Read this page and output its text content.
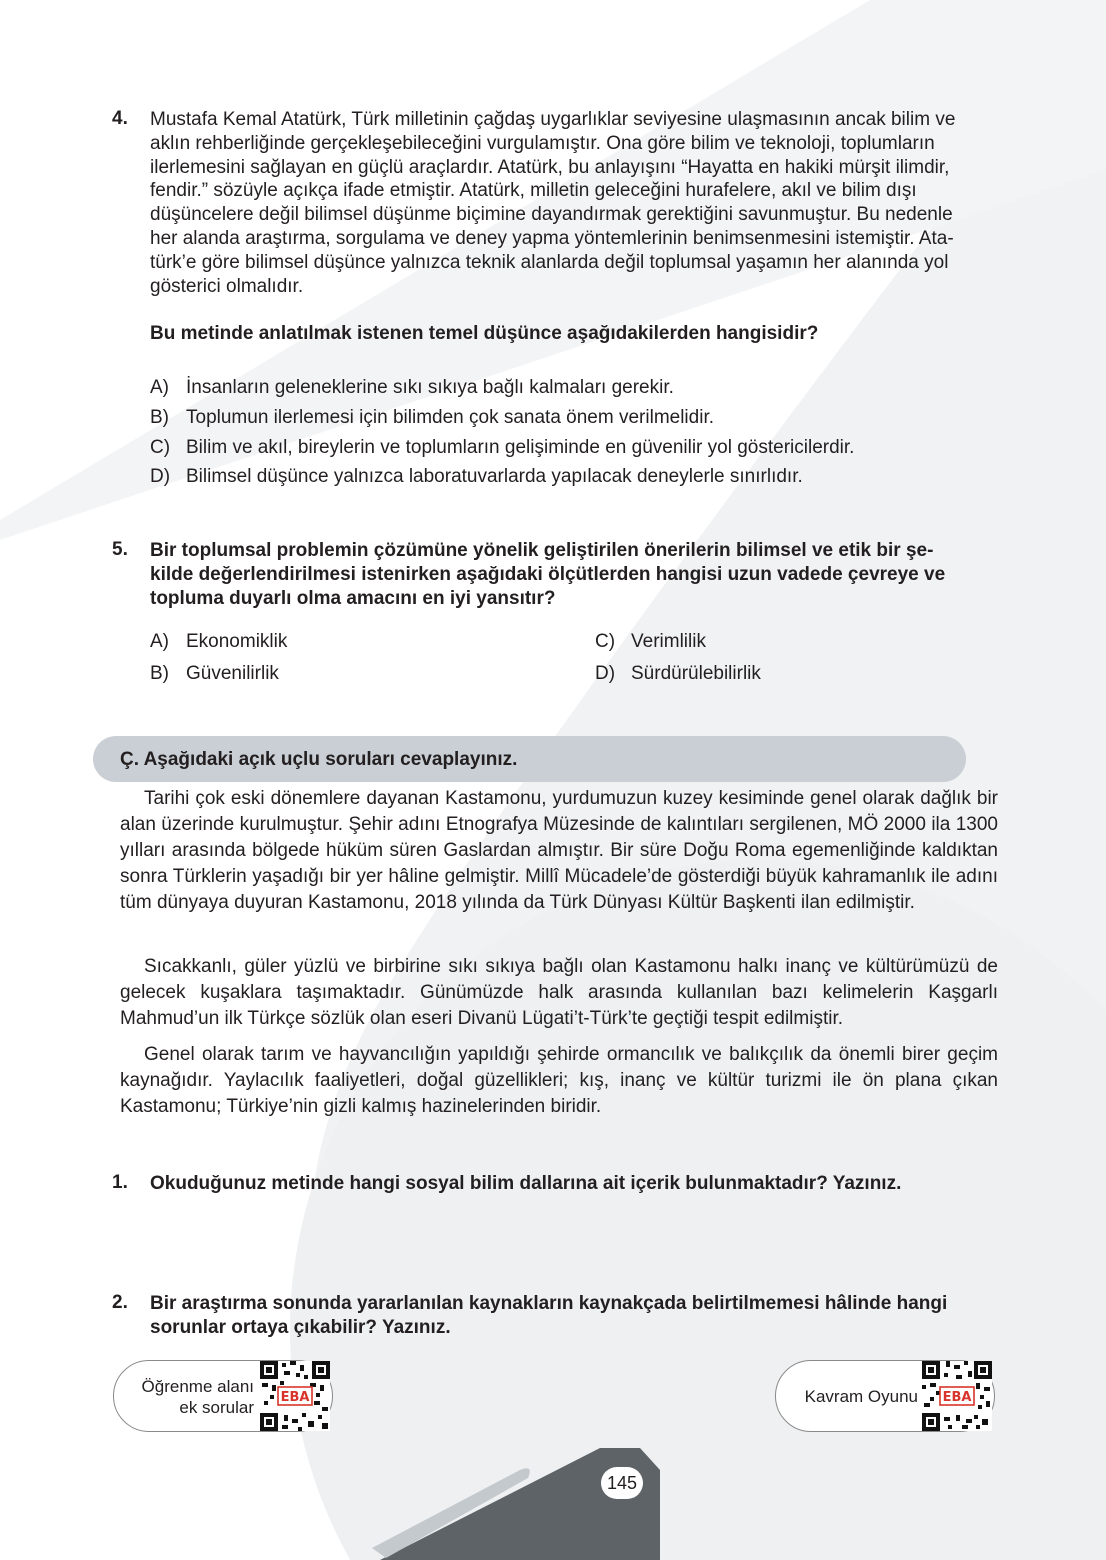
4. Mustafa Kemal Atatürk, Türk milletinin çağdaş uygarlıklar seviyesine ulaşmasının ancak bilim ve
aklın rehberliğinde gerçekleşebileceğini vurgulamıştır. Ona göre bilim ve teknoloji, toplumların
ilerlemesini sağlayan en güçlü araçlardır. Atatürk, bu anlayışını “Hayatta en hakiki mürşit ilimdir,
fendir.” sözüyle açıkça ifade etmiştir. Atatürk, milletin geleceğini hurafelere, akıl ve bilim dışı
düşüncelere değil bilimsel düşünme biçimine dayandırmak gerektiğini savunmuştur. Bu nedenle
her alanda araştırma, sorgulama ve deney yapma yöntemlerinin benimsenmesini istemiştir. Ata-
türk’e göre bilimsel düşünce yalnızca teknik alanlarda değil toplumsal yaşamın her alanında yol
gösterici olmalıdır.
Bu metinde anlatılmak istenen temel düşünce aşağıdakilerden hangisidir?
A) İnsanların geleneklerine sıkı sıkıya bağlı kalmaları gerekir.
B) Toplumun ilerlemesi için bilimden çok sanata önem verilmelidir.
C) Bilim ve akıl, bireylerin ve toplumların gelişiminde en güvenilir yol göstericilerdir.
D) Bilimsel düşünce yalnızca laboratuvarlarda yapılacak deneylerle sınırlıdır.
5. Bir toplumsal problemin çözümüne yönelik geliştirilen önerilerin bilimsel ve etik bir şe-
kilde değerlendirilmesi istenirken aşağıdaki ölçütlerden hangisi uzun vadede çevreye ve
topluma duyarlı olma amacını en iyi yansıtır?
A) Ekonomiklik
B) Güvenilirlik
C) Verimlilik
D) Sürdürülebilirlik
Ç. Aşağıdaki açık uçlu soruları cevaplayınız.
Tarihi çok eski dönemlere dayanan Kastamonu, yurdumuzun kuzey kesiminde genel olarak dağlık bir alan üzerinde kurulmuştur. Şehir adını Etnografya Müzesinde de kalıntıları sergilenen, MÖ 2000 ila 1300 yılları arasında bölgede hüküm süren Gaslardan almıştır. Bir süre Doğu Roma egemenliğinde kaldıktan sonra Türklerin yaşadığı bir yer hâline gelmiştir. Millî Mücadele’de gösterdiği büyük kahramanlık ile adını tüm dünyaya duyuran Kastamonu, 2018 yılında da Türk Dünyası Kültür Başkenti ilan edilmiştir.
Sıcakkanlı, güler yüzlü ve birbirine sıkı sıkıya bağlı olan Kastamonu halkı inanç ve kültürümüzü de gelecek kuşaklara taşımaktadır. Günümüzde halk arasında kullanılan bazı kelimelerin Kaşgarlı Mahmud’un ilk Türkçe sözlük olan eseri Divanü Lügati’t-Türk’te geçtiği tespit edilmiştir.
Genel olarak tarım ve hayvancılığın yapıldığı şehirde ormancılık ve balıkçılık da önemli birer geçim kaynağıdır. Yaylacılık faaliyetleri, doğal güzellikleri; kış, inanç ve kültür turizmi ile ön plana çıkan Kastamonu; Türkiye’nin gizli kalmış hazinelerinden biridir.
1. Okuduğunuz metinde hangi sosyal bilim dallarına ait içerik bulunmaktadır? Yazınız.
2. Bir araştırma sonunda yararlanılan kaynakların kaynakçada belirtilmemesi hâlinde hangi
sorunlar ortaya çıkabilir? Yazınız.
Öğrenme alanı
ek sorular
EBA	Kavram Oyunu	EBA
145
